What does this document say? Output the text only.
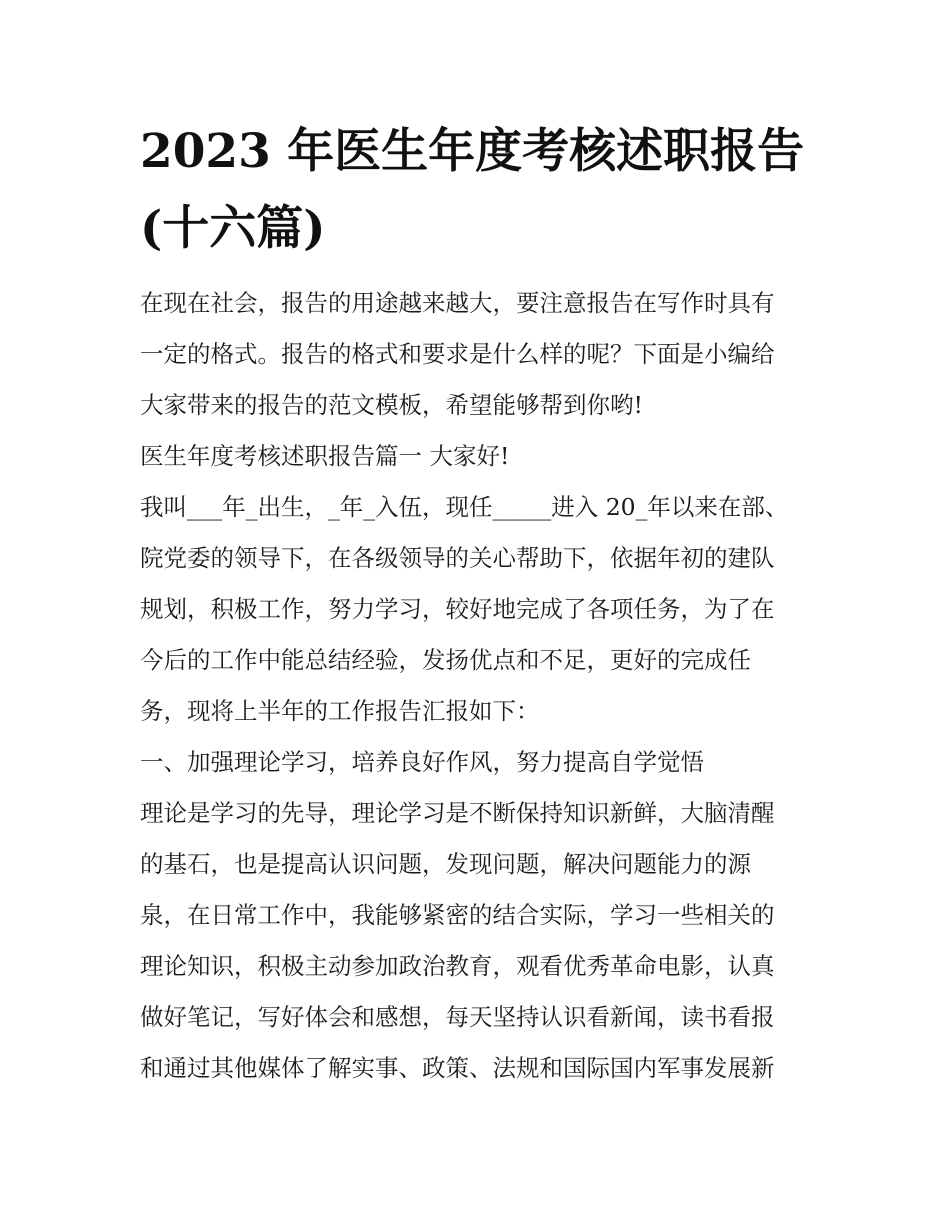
2023 年医生年度考核述职报告
(十六篇)
在现在社会，报告的用途越来越大，要注意报告在写作时具有
一定的格式。报告的格式和要求是什么样的呢？下面是小编给
大家带来的报告的范文模板，希望能够帮到你哟!
医生年度考核述职报告篇一 大家好!
我叫___年_出生，_年_入伍，现任_____进入 20_年以来在部、
院党委的领导下，在各级领导的关心帮助下，依据年初的建队
规划，积极工作，努力学习，较好地完成了各项任务，为了在
今后的工作中能总结经验，发扬优点和不足，更好的完成任
务，现将上半年的工作报告汇报如下：
一、加强理论学习，培养良好作风，努力提高自学觉悟
理论是学习的先导，理论学习是不断保持知识新鲜，大脑清醒
的基石，也是提高认识问题，发现问题，解决问题能力的源
泉，在日常工作中，我能够紧密的结合实际，学习一些相关的
理论知识，积极主动参加政治教育，观看优秀革命电影，认真
做好笔记，写好体会和感想，每天坚持认识看新闻，读书看报
和通过其他媒体了解实事、政策、法规和国际国内军事发展新
